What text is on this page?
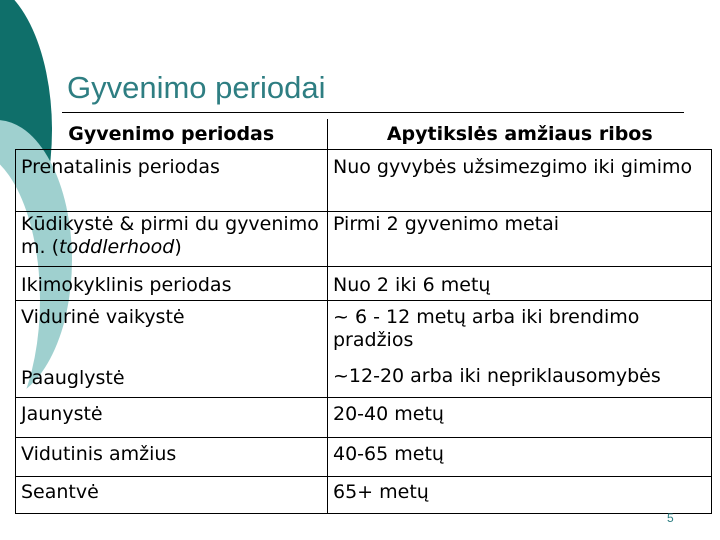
Gyvenimo periodai
Gyvenimo periodas	Apytikslės amžiaus ribos
Prenatalinis periodas	Nuo gyvybės užsimezgimo iki gimimo
Kūdikystė & pirmi du gyvenimo m. (toddlerhood)	Pirmi 2 gyvenimo metai
Ikimokyklinis periodas	Nuo 2 iki 6 metų
Vidurinė vaikystė	~ 6 - 12 metų arba iki brendimo pradžios
Paauglystė	~12-20 arba iki nepriklausomybės
Jaunystė	20-40 metų
Vidutinis amžius	40-65 metų
Seantvė	65+ metų
5
